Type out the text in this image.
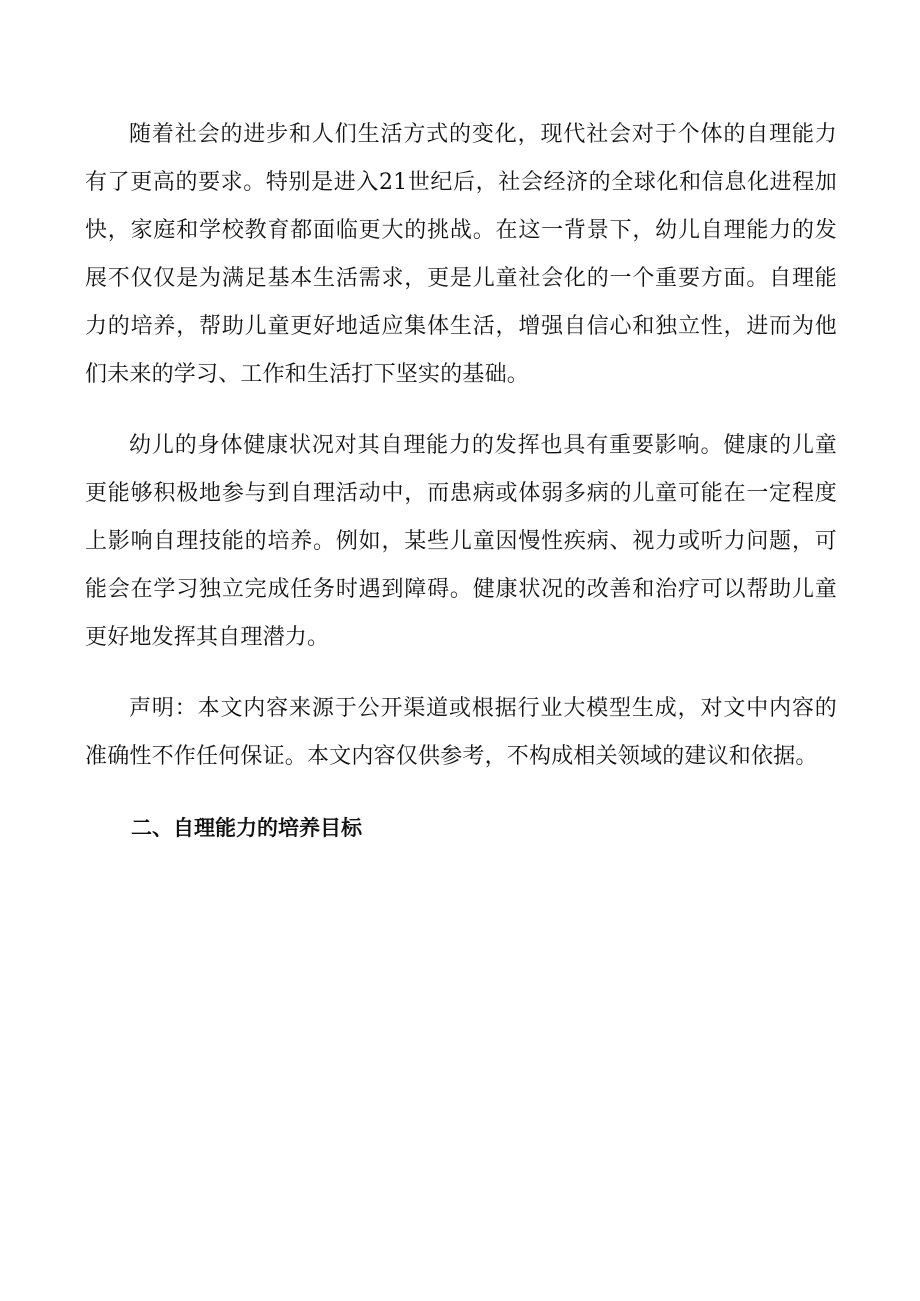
随着社会的进步和人们生活方式的变化，现代社会对于个体的自理能力有了更高的要求。特别是进入21世纪后，社会经济的全球化和信息化进程加快，家庭和学校教育都面临更大的挑战。在这一背景下，幼儿自理能力的发展不仅仅是为满足基本生活需求，更是儿童社会化的一个重要方面。自理能力的培养，帮助儿童更好地适应集体生活，增强自信心和独立性，进而为他们未来的学习、工作和生活打下坚实的基础。

幼儿的身体健康状况对其自理能力的发挥也具有重要影响。健康的儿童更能够积极地参与到自理活动中，而患病或体弱多病的儿童可能在一定程度上影响自理技能的培养。例如，某些儿童因慢性疾病、视力或听力问题，可能会在学习独立完成任务时遇到障碍。健康状况的改善和治疗可以帮助儿童更好地发挥其自理潜力。

声明：本文内容来源于公开渠道或根据行业大模型生成，对文中内容的准确性不作任何保证。本文内容仅供参考，不构成相关领域的建议和依据。

二、自理能力的培养目标
